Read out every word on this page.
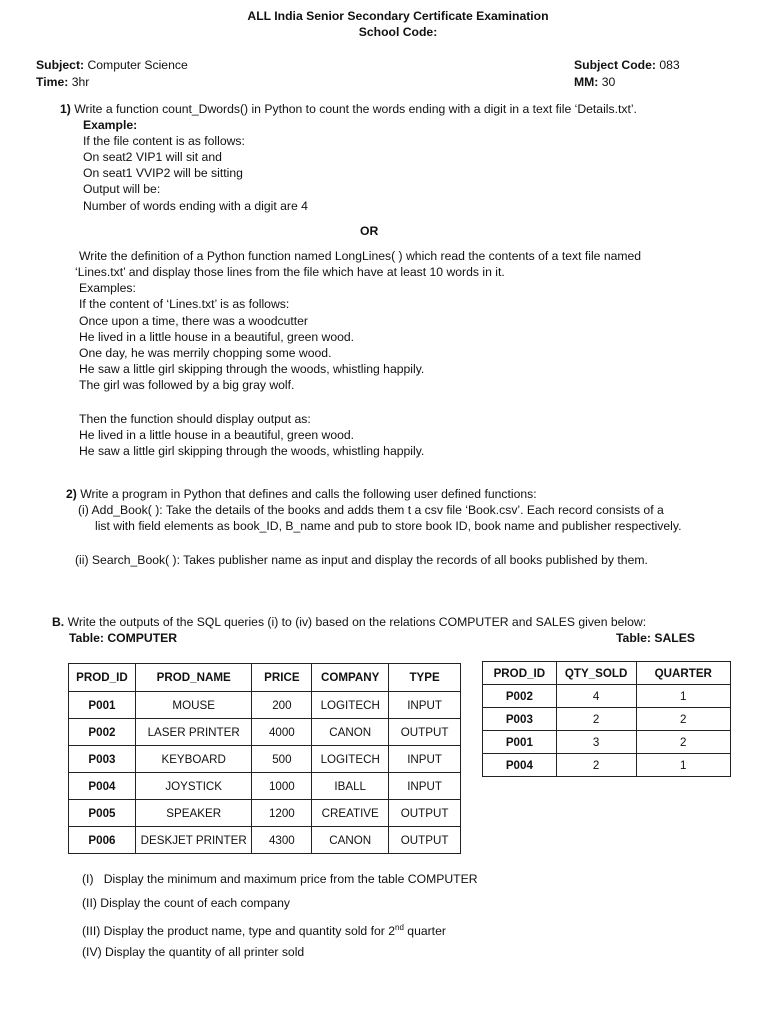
ALL India Senior Secondary Certificate Examination
School Code:
Subject: Computer Science
Time: 3hr
Subject Code: 083
MM: 30
1) Write a function count_Dwords() in Python to count the words ending with a digit in a text file ‘Details.txt’.
Example:
If the file content is as follows:
On seat2 VIP1 will sit and
On seat1 VVIP2 will be sitting
Output will be:
Number of words ending with a digit are 4
OR
Write the definition of a Python function named LongLines( ) which read the contents of a text file named
‘Lines.txt’ and display those lines from the file which have at least 10 words in it.
Examples:
If the content of ‘Lines.txt’ is as follows:
Once upon a time, there was a woodcutter
He lived in a little house in a beautiful, green wood.
One day, he was merrily chopping some wood.
He saw a little girl skipping through the woods, whistling happily.
The girl was followed by a big gray wolf.
Then the function should display output as:
He lived in a little house in a beautiful, green wood.
He saw a little girl skipping through the woods, whistling happily.
2) Write a program in Python that defines and calls the following user defined functions:
(i) Add_Book( ): Take the details of the books and adds them t a csv file ‘Book.csv’. Each record consists of a
list with field elements as book_ID, B_name and pub to store book ID, book name and publisher respectively.
(ii) Search_Book( ): Takes publisher name as input and display the records of all books published by them.
B. Write the outputs of the SQL queries (i) to (iv) based on the relations COMPUTER and SALES given below:
Table: COMPUTER	Table: SALES
PROD_ID	PROD_NAME	PRICE	COMPANY	TYPE
P001	MOUSE	200	LOGITECH	INPUT
P002	LASER PRINTER	4000	CANON	OUTPUT
P003	KEYBOARD	500	LOGITECH	INPUT
P004	JOYSTICK	1000	IBALL	INPUT
P005	SPEAKER	1200	CREATIVE	OUTPUT
P006	DESKJET PRINTER	4300	CANON	OUTPUT
PROD_ID	QTY_SOLD	QUARTER
P002	4	1
P003	2	2
P001	3	2
P004	2	1
(I) Display the minimum and maximum price from the table COMPUTER
(II) Display the count of each company
(III) Display the product name, type and quantity sold for 2nd quarter
(IV) Display the quantity of all printer sold
